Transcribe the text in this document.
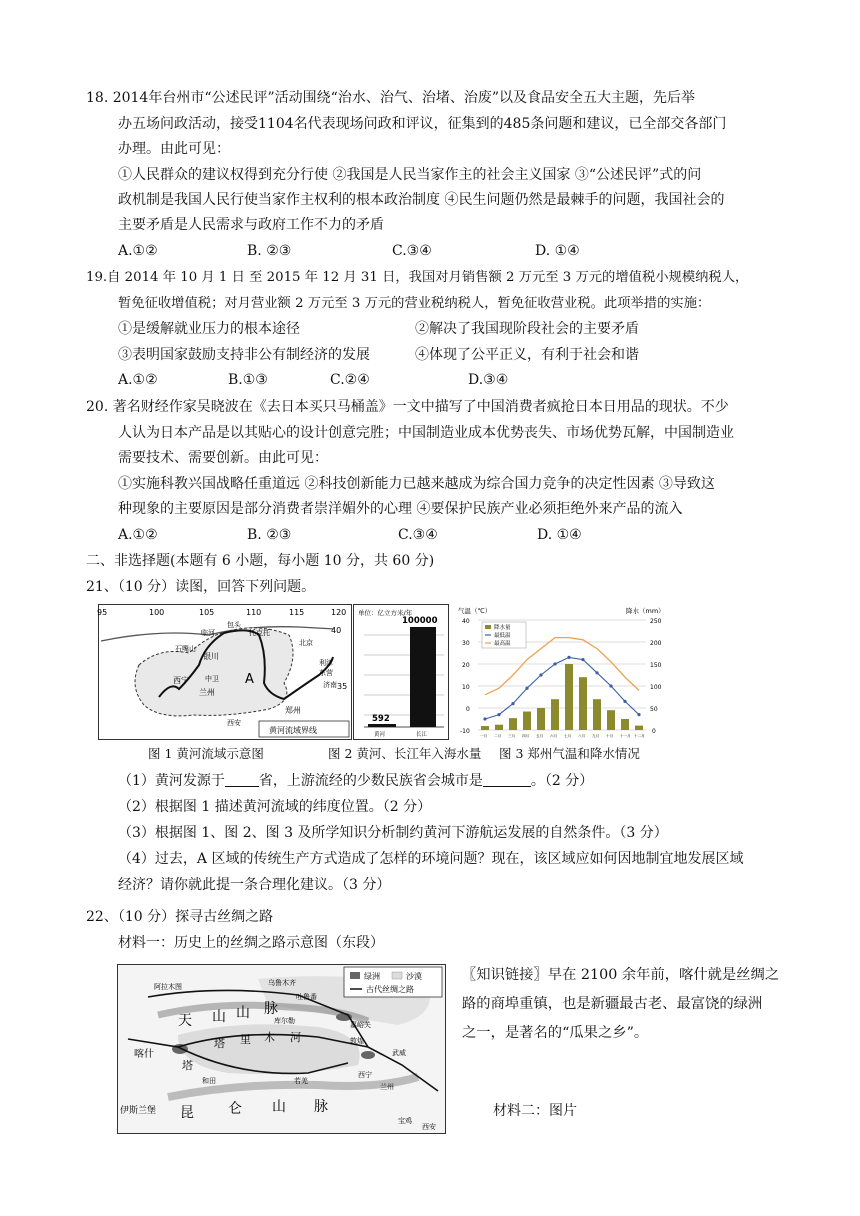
18. 2014年台州市“公述民评”活动围绕“治水、治气、治堵、治废”以及食品安全五大主题，先后举
办五场问政活动，接受1104名代表现场问政和评议，征集到的485条问题和建议，已全部交各部门
办理。由此可见：
①人民群众的建议权得到充分行使 ②我国是人民当家作主的社会主义国家 ③“公述民评”式的问
政机制是我国人民行使当家作主权利的根本政治制度 ④民生问题仍然是最棘手的问题，我国社会的
主要矛盾是人民需求与政府工作不力的矛盾
A.①②	B. ②③	C.③④	D. ①④
19.自 2014 年 10 月 1 日 至 2015 年 12 月 31 日，我国对月销售额 2 万元至 3 万元的增值税小规模纳税人，
暂免征收增值税；对月营业额 2 万元至 3 万元的营业税纳税人，暂免征收营业税。此项举措的实施：
①是缓解就业压力的根本途径	②解决了我国现阶段社会的主要矛盾
③表明国家鼓励支持非公有制经济的发展	④体现了公平正义，有利于社会和谐
A.①②	B.①③	C.②④	D.③④
20. 著名财经作家吴晓波在《去日本买只马桶盖》一文中描写了中国消费者疯抢日本日用品的现状。不少
人认为日本产品是以其贴心的设计创意完胜；中国制造业成本优势丧失、市场优势瓦解，中国制造业
需要技术、需要创新。由此可见：
①实施科教兴国战略任重道远 ②科技创新能力已越来越成为综合国力竞争的决定性因素 ③导致这
种现象的主要原因是部分消费者崇洋媚外的心理 ④要保护民族产业必须拒绝外来产品的流入
A.①②	B. ②③	C.③④	D. ①④
二、非选择题(本题有 6 小题，每小题 10 分，共 60 分)
21、（10 分）读图，回答下列问题。
95	100	105	110	115	120
40
35
临河
包头
托克托
石嘴山
银川
西宁 中卫
兰州
A
西安
郑州
利津
东营
济南
北京
黄河流域界线
单位：亿立方米/年
592
100000
黄河	长江
气温（℃）	降水（mm）
40
30
20
10
0
-10
250
200
150
100
50
0
降水量
最低温
最高温
一月 二月 三月 四月 五月 六月 七月 八月 九月 十月 十一月 十二月
图 1 黄河流域示意图	图 2 黄河、长江年入海水量 图 3 郑州气温和降水情况
（1）黄河发源于 省，上游流经的少数民族省会城市是	。（2 分）
（2）根据图 1 描述黄河流域的纬度位置。（2 分）
（3）根据图 1、图 2、图 3 及所学知识分析制约黄河下游航运发展的自然条件。（3 分）
（4）过去，A 区域的传统生产方式造成了怎样的环境问题？现在，该区域应如何因地制宜地发展区域
经济？请你就此提一条合理化建议。（3 分）
22、（10 分）探寻古丝绸之路
材料一：历史上的丝绸之路示意图（东段）
绿洲	沙漠
古代丝绸之路
阿拉木图	乌鲁木齐
吐鲁番
天 山 山 脉
塔 里 木 河
喀什
塔
和田	若羌
敦煌
嘉峪关
武威
西宁
兰州
伊斯兰堡 昆 仑 山 脉
宝鸡
西安
库尔勒
〖知识链接〗早在 2100 余年前，喀什就是丝绸之
路的商埠重镇，也是新疆最古老、最富饶的绿洲
之一，是著名的“瓜果之乡”。
材料二：图片
